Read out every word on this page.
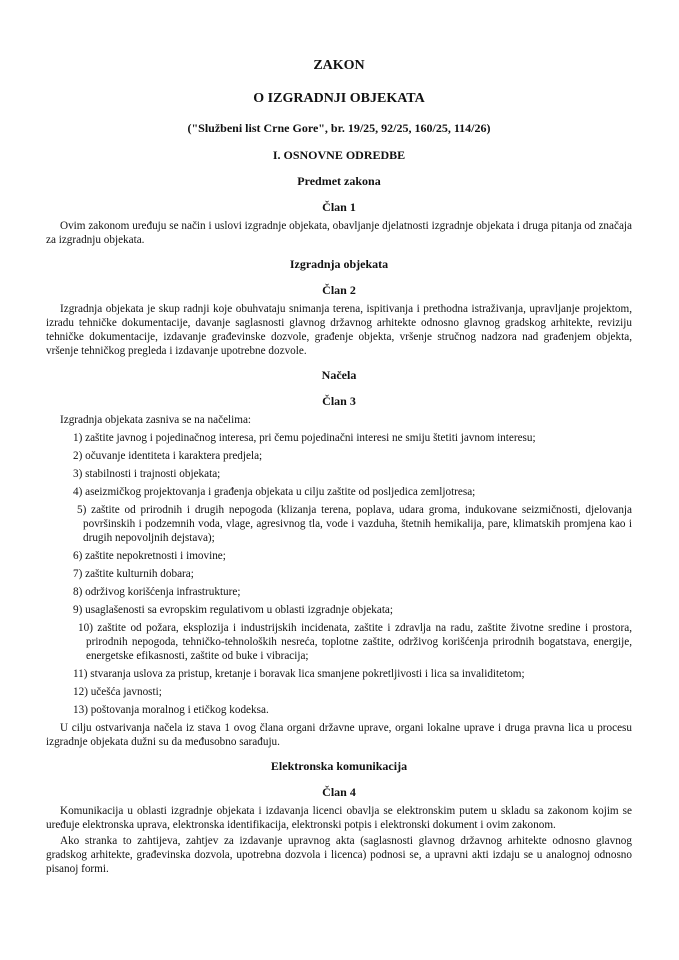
ZAKON
O IZGRADNJI OBJEKATA
("Službeni list Crne Gore", br. 19/25, 92/25, 160/25, 114/26)
I. OSNOVNE ODREDBE
Predmet zakona
Član 1

Ovim zakonom uređuju se način i uslovi izgradnje objekata, obavljanje djelatnosti izgradnje objekata i druga pitanja od značaja za izgradnju objekata.

Izgradnja objekata
Član 2

Izgradnja objekata je skup radnji koje obuhvataju snimanja terena, ispitivanja i prethodna istraživanja, upravljanje projektom, izradu tehničke dokumentacije, davanje saglasnosti glavnog državnog arhitekte odnosno glavnog gradskog arhitekte, reviziju tehničke dokumentacije, izdavanje građevinske dozvole, građenje objekta, vršenje stručnog nadzora nad građenjem objekta, vršenje tehničkog pregleda i izdavanje upotrebne dozvole.

Načela
Član 3

Izgradnja objekata zasniva se na načelima:

1) zaštite javnog i pojedinačnog interesa, pri čemu pojedinačni interesi ne smiju štetiti javnom interesu;
2) očuvanje identiteta i karaktera predjela;
3) stabilnosti i trajnosti objekata;
4) aseizmičkog projektovanja i građenja objekata u cilju zaštite od posljedica zemljotresa;
5) zaštite od prirodnih i drugih nepogoda (klizanja terena, poplava, udara groma, indukovane seizmičnosti, djelovanja površinskih i podzemnih voda, vlage, agresivnog tla, vode i vazduha, štetnih hemikalija, pare, klimatskih promjena kao i drugih nepovoljnih dejstava);
6) zaštite nepokretnosti i imovine;
7) zaštite kulturnih dobara;
8) održivog korišćenja infrastrukture;
9) usaglašenosti sa evropskim regulativom u oblasti izgradnje objekata;
10) zaštite od požara, eksplozija i industrijskih incidenata, zaštite i zdravlja na radu, zaštite životne sredine i prostora, prirodnih nepogoda, tehničko-tehnoloških nesreća, toplotne zaštite, održivog korišćenja prirodnih bogatstava, energije, energetske efikasnosti, zaštite od buke i vibracija;
11) stvaranja uslova za pristup, kretanje i boravak lica smanjene pokretljivosti i lica sa invaliditetom;
12) učešća javnosti;
13) poštovanja moralnog i etičkog kodeksa.

U cilju ostvarivanja načela iz stava 1 ovog člana organi državne uprave, organi lokalne uprave i druga pravna lica u procesu izgradnje objekata dužni su da međusobno sarađuju.

Elektronska komunikacija
Član 4

Komunikacija u oblasti izgradnje objekata i izdavanja licenci obavlja se elektronskim putem u skladu sa zakonom kojim se uređuje elektronska uprava, elektronska identifikacija, elektronski potpis i elektronski dokument i ovim zakonom.

Ako stranka to zahtijeva, zahtjev za izdavanje upravnog akta (saglasnosti glavnog državnog arhitekte odnosno glavnog gradskog arhitekte, građevinska dozvola, upotrebna dozvola i licenca) podnosi se, a upravni akti izdaju se u analognoj odnosno pisanoj formi.
